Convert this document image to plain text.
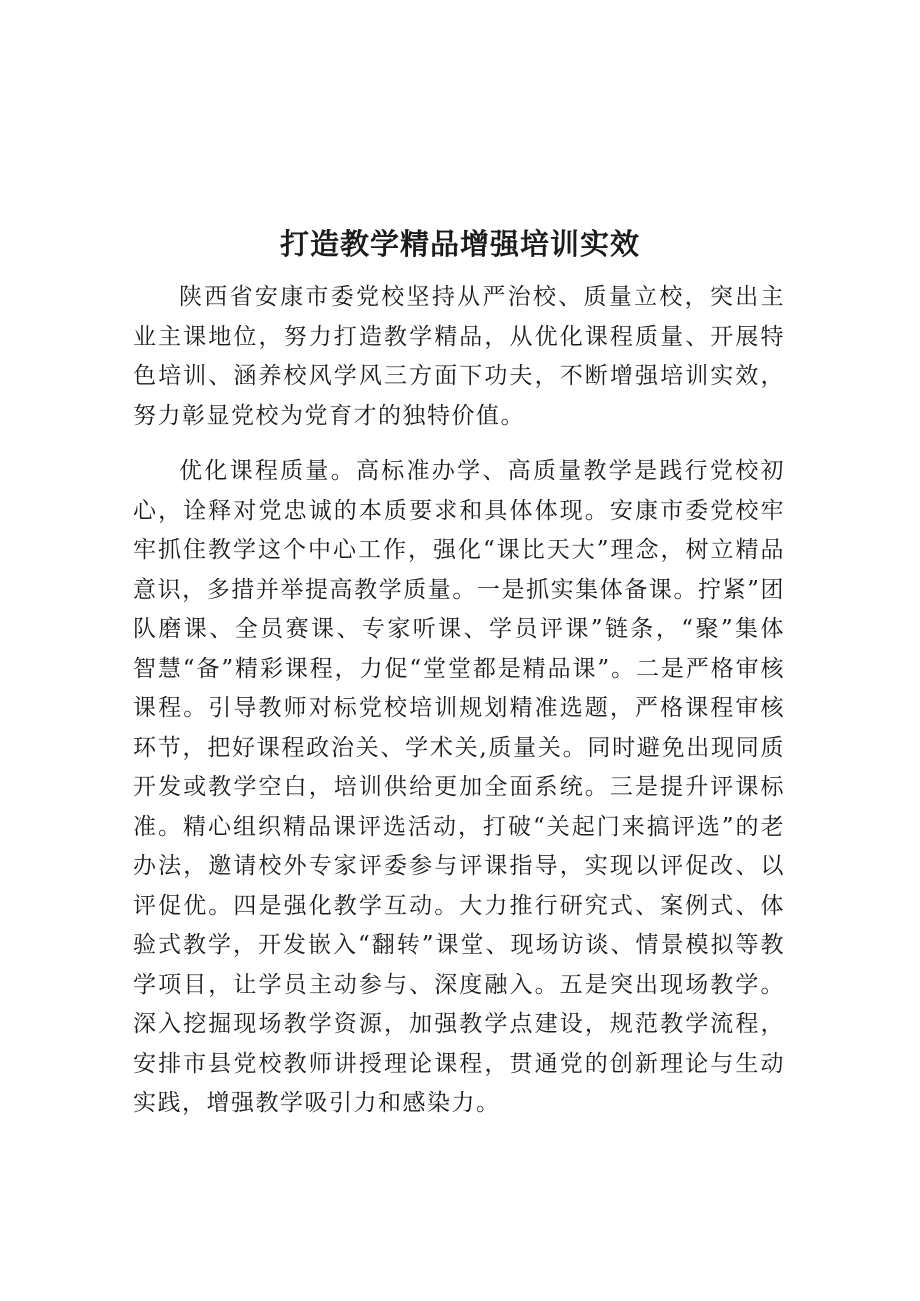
打造教学精品增强培训实效

陕西省安康市委党校坚持从严治校、质量立校，突出主业主课地位，努力打造教学精品，从优化课程质量、开展特色培训、涵养校风学风三方面下功夫，不断增强培训实效，努力彰显党校为党育才的独特价值。

优化课程质量。高标准办学、高质量教学是践行党校初心，诠释对党忠诚的本质要求和具体体现。安康市委党校牢牢抓住教学这个中心工作，强化“课比天大”理念，树立精品意识，多措并举提高教学质量。一是抓实集体备课。拧紧”团队磨课、全员赛课、专家听课、学员评课”链条，“聚”集体智慧“备”精彩课程，力促“堂堂都是精品课”。二是严格审核课程。引导教师对标党校培训规划精准选题，严格课程审核环节，把好课程政治关、学术关,质量关。同时避免出现同质开发或教学空白，培训供给更加全面系统。三是提升评课标准。精心组织精品课评选活动，打破“关起门来搞评选”的老办法，邀请校外专家评委参与评课指导，实现以评促改、以评促优。四是强化教学互动。大力推行研究式、案例式、体验式教学，开发嵌入“翻转”课堂、现场访谈、情景模拟等教学项目，让学员主动参与、深度融入。五是突出现场教学。深入挖掘现场教学资源，加强教学点建设，规范教学流程，安排市县党校教师讲授理论课程，贯通党的创新理论与生动实践，增强教学吸引力和感染力。
